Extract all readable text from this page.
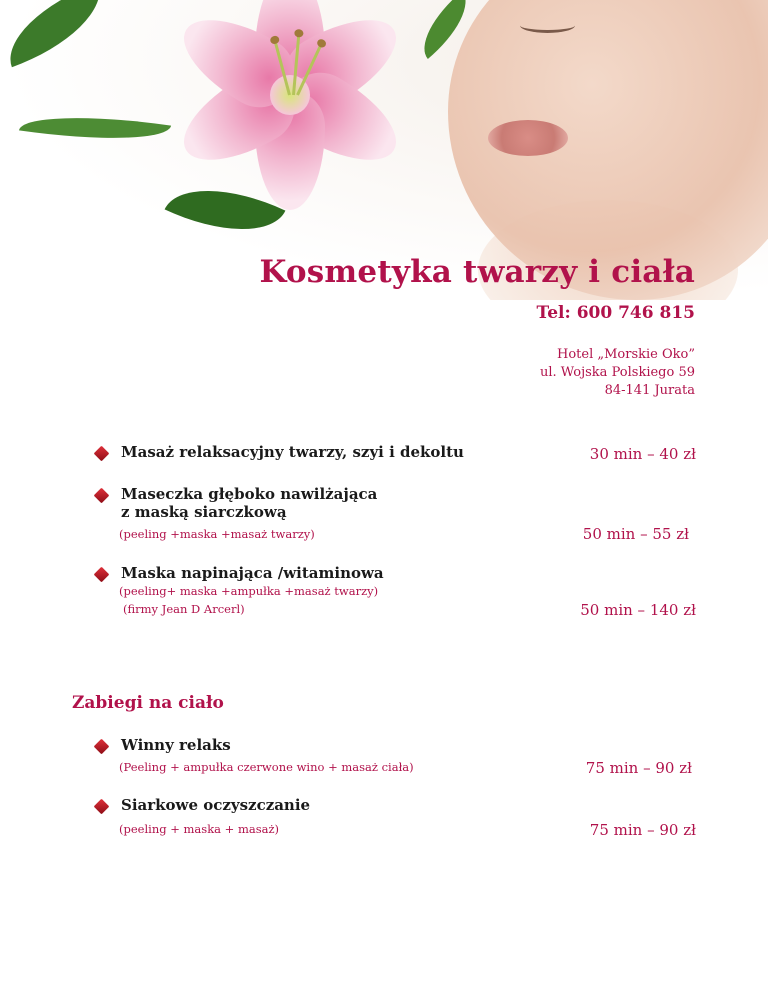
Kosmetyka twarzy i ciała
Tel: 600 746 815
Hotel „Morskie Oko”
ul. Wojska Polskiego 59
84-141 Jurata
Masaż relaksacyjny twarzy, szyi i dekoltu	30 min – 40 zł
Maseczka głęboko nawilżająca
z maską siarczkową
(peeling +maska +masaż twarzy)	50 min – 55 zł
Maska napinająca /witaminowa
(peeling+ maska +ampułka +masaż twarzy)
(firmy Jean D Arcerl)	50 min – 140 zł
Zabiegi na ciało
Winny relaks
(Peeling + ampułka czerwone wino + masaż ciała)	75 min – 90 zł
Siarkowe oczyszczanie
(peeling + maska + masaż)	75 min – 90 zł
